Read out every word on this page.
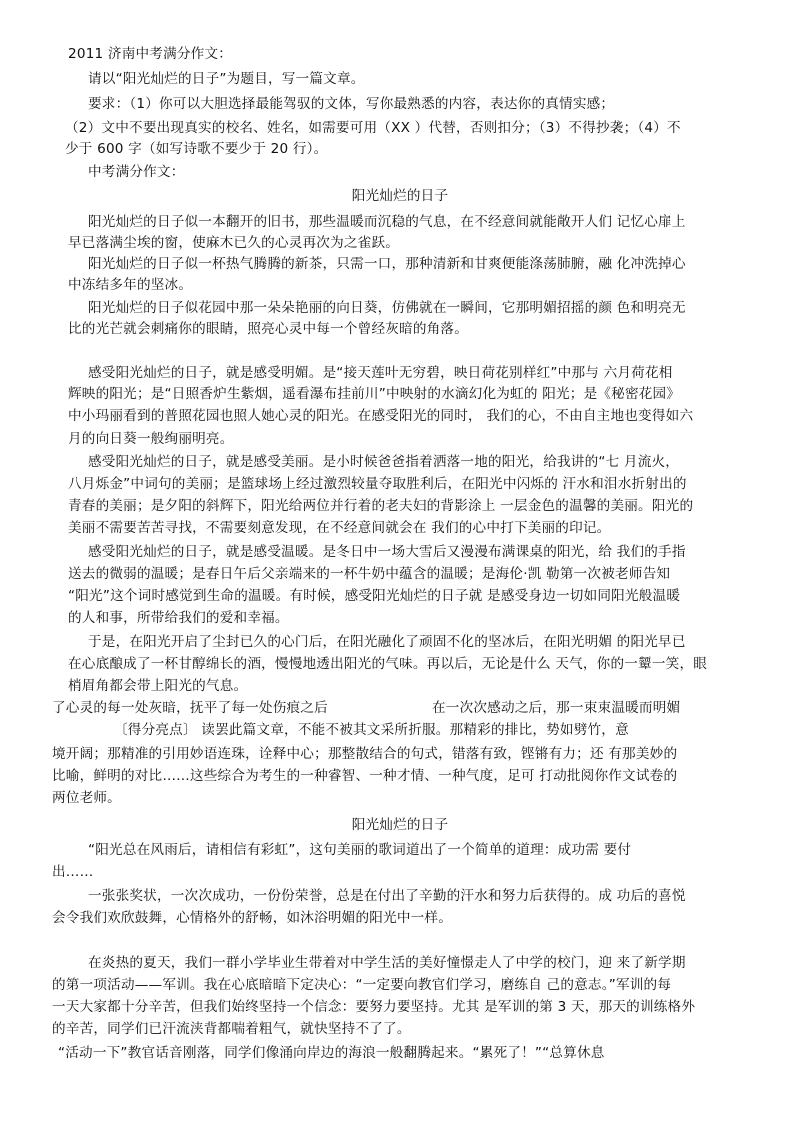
2011 济南中考满分作文：
请以“阳光灿烂的日子”为题目，写一篇文章。
要求：（1）你可以大胆选择最能驾驭的文体，写你最熟悉的内容，表达你的真情实感；
（2）文中不要出现真实的校名、姓名，如需要可用（XX ）代替，否则扣分；（3）不得抄袭；（4）不
少于 600 字（如写诗歌不要少于 20 行）。
中考满分作文：
阳光灿烂的日子
阳光灿烂的日子似一本翻开的旧书，那些温暖而沉稳的气息，在不经意间就能敞开人们 记忆心扉上
早已落满尘埃的窗，使麻木已久的心灵再次为之雀跃。
阳光灿烂的日子似一杯热气腾腾的新茶，只需一口，那种清新和甘爽便能涤荡肺腑，融 化冲洗掉心
中冻结多年的坚冰。
阳光灿烂的日子似花园中那一朵朵艳丽的向日葵，仿佛就在一瞬间，它那明媚招摇的颜 色和明亮无
比的光芒就会刺痛你的眼睛，照亮心灵中每一个曾经灰暗的角落。
感受阳光灿烂的日子，就是感受明媚。是“接天莲叶无穷碧，映日荷花别样红”中那与 六月荷花相
辉映的阳光；是“日照香炉生紫烟，遥看瀑布挂前川”中映射的水滴幻化为虹的 阳光；是《秘密花园》
中小玛丽看到的普照花园也照人她心灵的阳光。在感受阳光的同时， 我们的心，不由自主地也变得如六
月的向日葵一般绚丽明亮。
感受阳光灿烂的日子，就是感受美丽。是小时候爸爸指着洒落一地的阳光，给我讲的“七 月流火，
八月烁金”中词句的美丽；是篮球场上经过激烈较量夺取胜利后，在阳光中闪烁的 汗水和泪水折射出的
青春的美丽；是夕阳的斜辉下，阳光给两位并行着的老夫妇的背影涂上 一层金色的温馨的美丽。阳光的
美丽不需要苦苦寻找，不需要刻意发现，在不经意间就会在 我们的心中打下美丽的印记。
感受阳光灿烂的日子，就是感受温暖。是冬日中一场大雪后又漫漫布满课桌的阳光，给 我们的手指
送去的微弱的温暖；是春日午后父亲端来的一杯牛奶中蕴含的温暖；是海伦·凯 勒第一次被老师告知
“阳光”这个词时感觉到生命的温暖。有时候，感受阳光灿烂的日子就 是感受身边一切如同阳光般温暖
的人和事，所带给我们的爱和幸福。
于是，在阳光开启了尘封已久的心门后，在阳光融化了顽固不化的坚冰后，在阳光明媚 的阳光早已
在心底酿成了一杯甘醇绵长的酒，慢慢地透出阳光的气味。再以后，无论是什么 天气，你的一颦一笑，眼
梢眉角都会带上阳光的气息。
了心灵的每一处灰暗，抚平了每一处伤痕之后	在一次次感动之后，那一束束温暖而明媚
〔得分亮点〕 读罢此篇文章，不能不被其文采所折服。那精彩的排比，势如劈竹，意
境开阔；那精准的引用妙语连珠，诠释中心；那整散结合的句式，错落有致，铿锵有力；还 有那美妙的
比喻，鲜明的对比……这些综合为考生的一种睿智、一种才情、一种气度，足可 打动批阅你作文试卷的
两位老师。
阳光灿烂的日子
“阳光总在风雨后，请相信有彩虹”，这句美丽的歌词道出了一个简单的道理：成功需 要付
出……
一张张奖状，一次次成功，一份份荣誉，总是在付出了辛勤的汗水和努力后获得的。成 功后的喜悦
会令我们欢欣鼓舞，心情格外的舒畅，如沐浴明媚的阳光中一样。
在炎热的夏天，我们一群小学毕业生带着对中学生活的美好憧憬走人了中学的校门，迎 来了新学期
的第一项活动——军训。我在心底暗暗下定决心：“一定要向教官们学习，磨练自 己的意志。”军训的每
一天大家都十分辛苦，但我们始终坚持一个信念：要努力要坚持。尤其 是军训的第 3 天，那天的训练格外
的辛苦，同学们已汗流浃背都喘着粗气，就快坚持不了了。
“活动一下”教官话音刚落，同学们像涌向岸边的海浪一般翻腾起来。“累死了！”“总算休息
